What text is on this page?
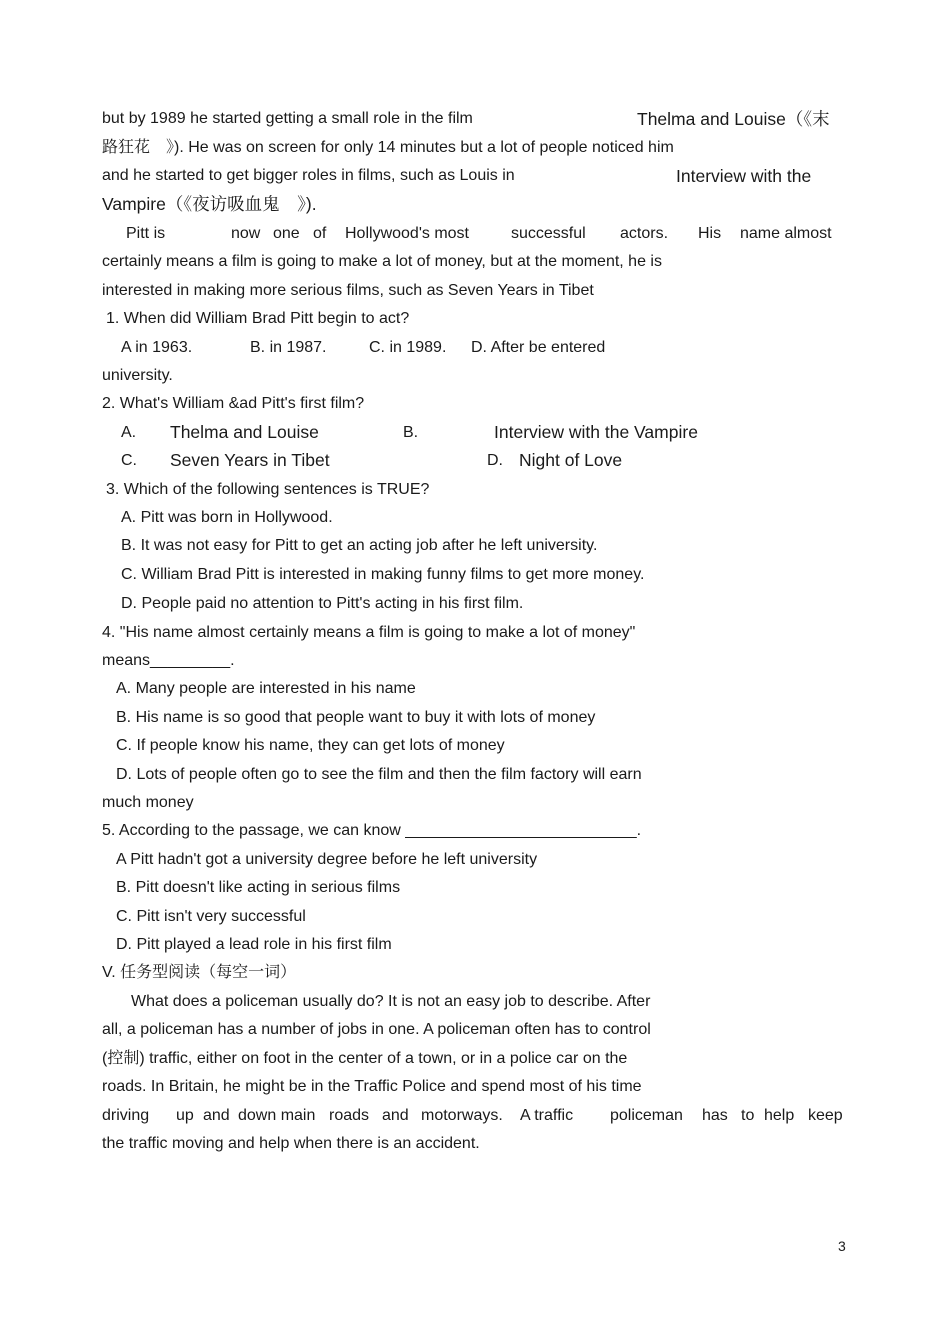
but by 1989 he started getting a small role in the film	Thelma and Louise（《末
路狂花　》). He was on screen for only 14 minutes but a lot of people noticed him
and he started to get bigger roles in films, such as Louis in	Interview with the
Vampire（《夜访吸血鬼　》).
Pitt is	now one of Hollywood's most	successful actors. His name almost
certainly means a film is going to make a lot of money, but at the moment, he is
interested in making more serious films, such as Seven Years in Tibet
1. When did William Brad Pitt begin to act?
A in 1963.	B. in 1987.	C. in 1989. D. After be entered
university.
2. What's William &ad Pitt's first film?
A. Thelma and Louise	B.	Interview with the Vampire
C. Seven Years in Tibet	D. Night of Love
3. Which of the following sentences is TRUE?
A. Pitt was born in Hollywood.
B. It was not easy for Pitt to get an acting job after he left university.
C. William Brad Pitt is interested in making funny films to get more money.
D. People paid no attention to Pitt's acting in his first film.
4. "His name almost certainly means a film is going to make a lot of money"
means_________.
A. Many people are interested in his name
B. His name is so good that people want to buy it with lots of money
C. If people know his name, they can get lots of money
D. Lots of people often go to see the film and then the film factory will earn
much money
5. According to the passage, we can know __________________________.
A Pitt hadn't got a university degree before he left university
B. Pitt doesn't like acting in serious films
C. Pitt isn't very successful
D. Pitt played a lead role in his first film
V. 任务型阅读（每空一词）
What does a policeman usually do? It is not an easy job to describe. After
all, a policeman has a number of jobs in one. A policeman often has to control
(控制) traffic, either on foot in the center of a town, or in a police car on the
roads. In Britain, he might be in the Traffic Police and spend most of his time
driving up and down main roads and motorways. A traffic policeman has to help keep
the traffic moving and help when there is an accident.
3
